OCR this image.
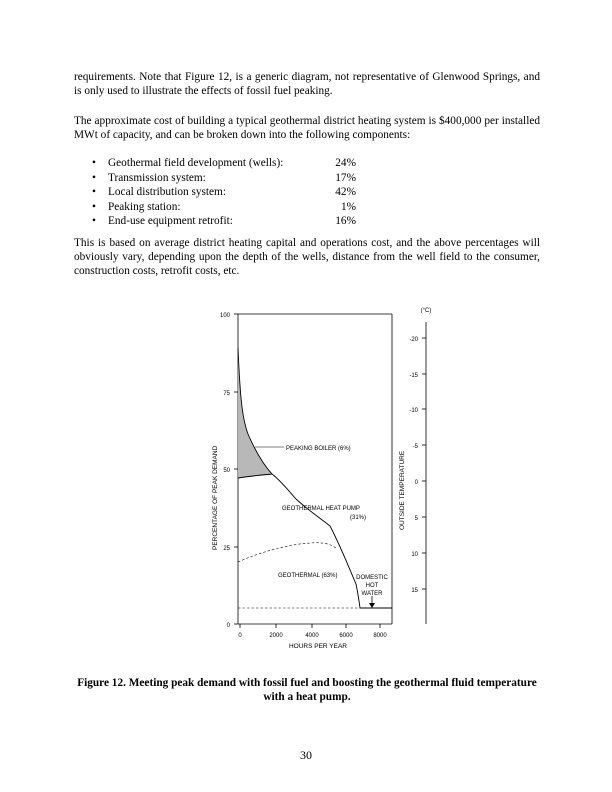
requirements. Note that Figure 12, is a generic diagram, not representative of Glenwood Springs, and is only used to illustrate the effects of fossil fuel peaking.

The approximate cost of building a typical geothermal district heating system is $400,000 per installed MWt of capacity, and can be broken down into the following components:

• Geothermal field development (wells):	24%
• Transmission system:	17%
• Local distribution system:	42%
• Peaking station:	1%
• End-use equipment retrofit:	16%

This is based on average district heating capital and operations cost, and the above percentages will obviously vary, depending upon the depth of the wells, distance from the well field to the consumer, construction costs, retrofit costs, etc.

100
75
50
25
0
PERCENTAGE OF PEAK DEMAND
0	2000	4000	6000	8000
HOURS PER YEAR
(°C)
-20
-15
-10
-5
0
5
10
15
OUTSIDE TEMPERATURE
PEAKING BOILER (6%)
GEOTHERMAL HEAT PUMP
(31%)
GEOTHERMAL (63%)	DOMESTIC
HOT
WATER
Figure 12. Meeting peak demand with fossil fuel and boosting the geothermal fluid temperature with a heat pump.
30
